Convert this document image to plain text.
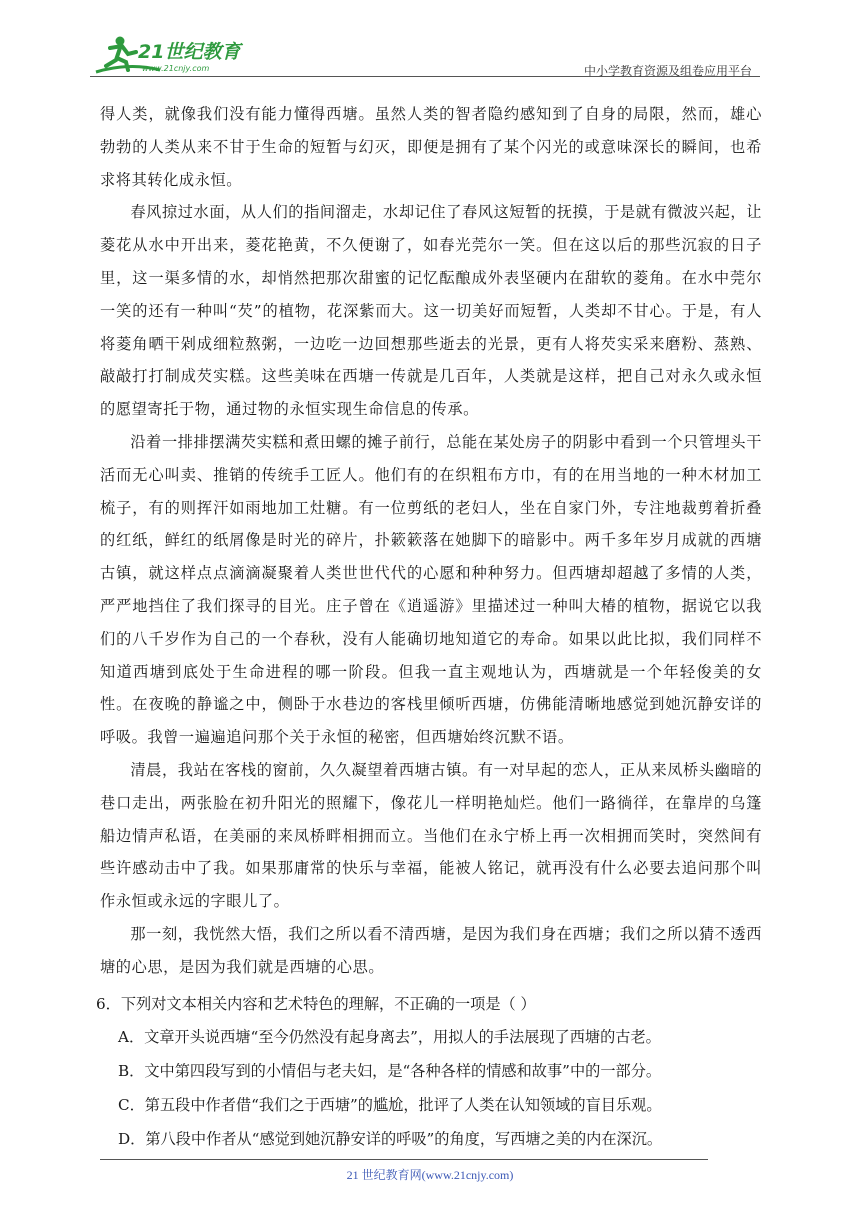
21世纪教育
www.21cnjy.com	中小学教育资源及组卷应用平台

得人类，就像我们没有能力懂得西塘。虽然人类的智者隐约感知到了自身的局限，然而，雄心勃勃的人类从来不甘于生命的短暂与幻灭，即便是拥有了某个闪光的或意味深长的瞬间，也希求将其转化成永恒。

春风掠过水面，从人们的指间溜走，水却记住了春风这短暂的抚摸，于是就有微波兴起，让菱花从水中开出来，菱花艳黄，不久便谢了，如春光莞尔一笑。但在这以后的那些沉寂的日子里，这一渠多情的水，却悄然把那次甜蜜的记忆酝酿成外表坚硬内在甜软的菱角。在水中莞尔一笑的还有一种叫“芡”的植物，花深紫而大。这一切美好而短暂，人类却不甘心。于是，有人将菱角晒干剁成细粒熬粥，一边吃一边回想那些逝去的光景，更有人将芡实采来磨粉、蒸熟、敲敲打打制成芡实糕。这些美味在西塘一传就是几百年，人类就是这样，把自己对永久或永恒的愿望寄托于物，通过物的永恒实现生命信息的传承。

沿着一排排摆满芡实糕和煮田螺的摊子前行，总能在某处房子的阴影中看到一个只管埋头干活而无心叫卖、推销的传统手工匠人。他们有的在织粗布方巾，有的在用当地的一种木材加工梳子，有的则挥汗如雨地加工灶糖。有一位剪纸的老妇人，坐在自家门外，专注地裁剪着折叠的红纸，鲜红的纸屑像是时光的碎片，扑簌簌落在她脚下的暗影中。两千多年岁月成就的西塘古镇，就这样点点滴滴凝聚着人类世世代代的心愿和种种努力。但西塘却超越了多情的人类，严严地挡住了我们探寻的目光。庄子曾在《逍遥游》里描述过一种叫大椿的植物，据说它以我们的八千岁作为自己的一个春秋，没有人能确切地知道它的寿命。如果以此比拟，我们同样不知道西塘到底处于生命进程的哪一阶段。但我一直主观地认为，西塘就是一个年轻俊美的女性。在夜晚的静谧之中，侧卧于水巷边的客栈里倾听西塘，仿佛能清晰地感觉到她沉静安详的呼吸。我曾一遍遍追问那个关于永恒的秘密，但西塘始终沉默不语。

清晨，我站在客栈的窗前，久久凝望着西塘古镇。有一对早起的恋人，正从来凤桥头幽暗的巷口走出，两张脸在初升阳光的照耀下，像花儿一样明艳灿烂。他们一路徜徉，在靠岸的乌篷船边情声私语，在美丽的来凤桥畔相拥而立。当他们在永宁桥上再一次相拥而笑时，突然间有些许感动击中了我。如果那庸常的快乐与幸福，能被人铭记，就再没有什么必要去追问那个叫作永恒或永远的字眼儿了。

那一刻，我恍然大悟，我们之所以看不清西塘，是因为我们身在西塘；我们之所以猜不透西塘的心思，是因为我们就是西塘的心思。

6．下列对文本相关内容和艺术特色的理解，不正确的一项是（ ）
A．文章开头说西塘“至今仍然没有起身离去”，用拟人的手法展现了西塘的古老。
B．文中第四段写到的小情侣与老夫妇，是“各种各样的情感和故事”中的一部分。
C．第五段中作者借“我们之于西塘”的尴尬，批评了人类在认知领域的盲目乐观。
D．第八段中作者从“感觉到她沉静安详的呼吸”的角度，写西塘之美的内在深沉。
21 世纪教育网(www.21cnjy.com)
